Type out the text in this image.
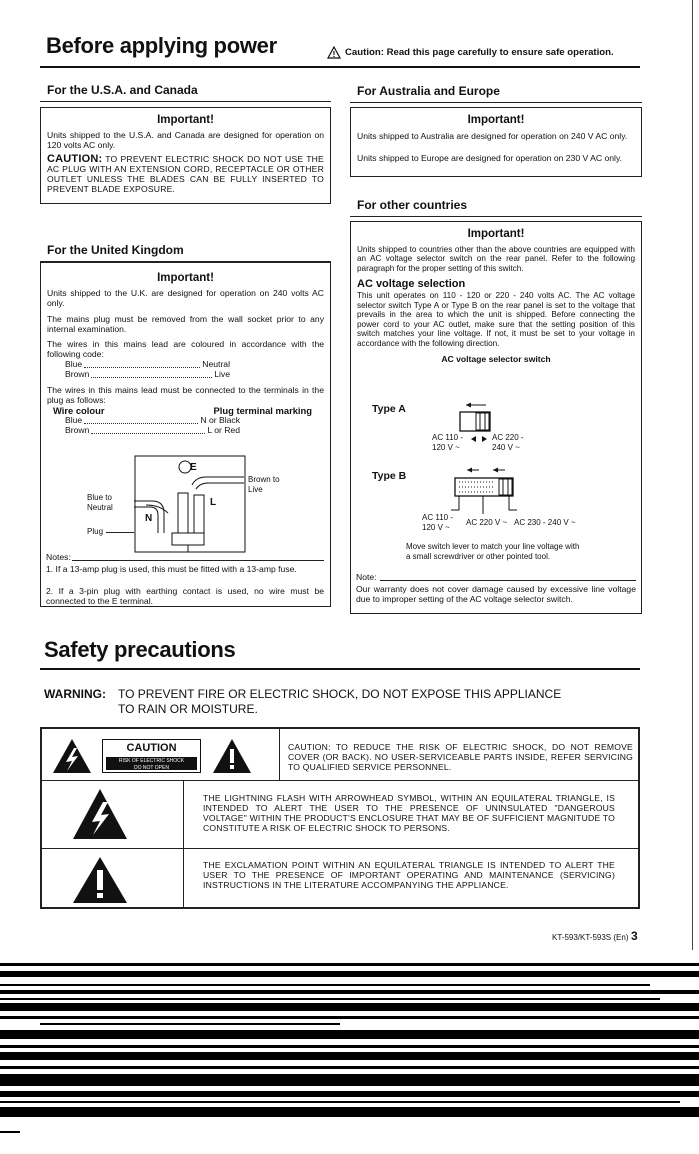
Before applying power	! Caution: Read this page carefully to ensure safe operation.
For the U.S.A. and Canada
Important!
Units shipped to the U.S.A. and Canada are designed for operation on 120 volts AC only.
CAUTION: TO PREVENT ELECTRIC SHOCK DO NOT USE THE AC PLUG WITH AN EXTENSION CORD, RECEPTACLE OR OTHER OUTLET UNLESS THE BLADES CAN BE FULLY INSERTED TO PREVENT BLADE EXPOSURE.
For Australia and Europe
Important!
Units shipped to Australia are designed for operation on 240 V AC only.
Units shipped to Europe are designed for operation on 230 V AC only.
For other countries
Important!
Units shipped to countries other than the above countries are equipped with an AC voltage selector switch on the rear panel. Refer to the following paragraph for the proper setting of this switch.
AC voltage selection
This unit operates on 110 - 120 or 220 - 240 volts AC. The AC voltage selector switch Type A or Type B on the rear panel is set to the voltage that prevails in the area to which the unit is shipped. Before connecting the power cord to your AC outlet, make sure that the setting position of this switch matches your line voltage. If not, it must be set to your voltage in accordance with the following direction.
AC voltage selector switch
Type A
AC 110 -
120 V ~
AC 220 -
240 V ~
Type B
AC 110 -
120 V ~
AC 220 V ~ AC 230 - 240 V ~
Move switch lever to match your line voltage with
a small screwdriver or other pointed tool.
Note:
Our warranty does not cover damage caused by excessive line voltage due to improper setting of the AC voltage selector switch.
For the United Kingdom
Important!
Units shipped to the U.K. are designed for operation on 240 volts AC only.
The mains plug must be removed from the wall socket prior to any internal examination.
The wires in this mains lead are coloured in accordance with the following code:
Blue	Neutral
Brown	Live
The wires in this mains lead must be connected to the terminals in the plug as follows:
Wire colour	Plug terminal marking
Blue	N or Black
Brown	L or Red
E
Brown to
Live
Blue to
Neutral	L
N
Plug
Notes:
1. If a 13-amp plug is used, this must be fitted with a 13-amp fuse.
2. If a 3-pin plug with earthing contact is used, no wire must be connected to the E terminal.
Safety precautions
WARNING: TO PREVENT FIRE OR ELECTRIC SHOCK, DO NOT EXPOSE THIS APPLIANCE
TO RAIN OR MOISTURE.
CAUTION
RISK OF ELECTRIC SHOCK
DO NOT OPEN
CAUTION: TO REDUCE THE RISK OF ELECTRIC SHOCK, DO NOT REMOVE COVER (OR BACK). NO USER-SERVICEABLE PARTS INSIDE, REFER SERVICING TO QUALIFIED SERVICE PERSONNEL.
THE LIGHTNING FLASH WITH ARROWHEAD SYMBOL, WITHIN AN EQUILATERAL TRIANGLE, IS INTENDED TO ALERT THE USER TO THE PRESENCE OF UNINSULATED "DANGEROUS VOLTAGE" WITHIN THE PRODUCT'S ENCLOSURE THAT MAY BE OF SUFFICIENT MAGNITUDE TO CONSTITUTE A RISK OF ELECTRIC SHOCK TO PERSONS.
THE EXCLAMATION POINT WITHIN AN EQUILATERAL TRIANGLE IS INTENDED TO ALERT THE USER TO THE PRESENCE OF IMPORTANT OPERATING AND MAINTENANCE (SERVICING) INSTRUCTIONS IN THE LITERATURE ACCOMPANYING THE APPLIANCE.
KT-593/KT-593S (En) 3
